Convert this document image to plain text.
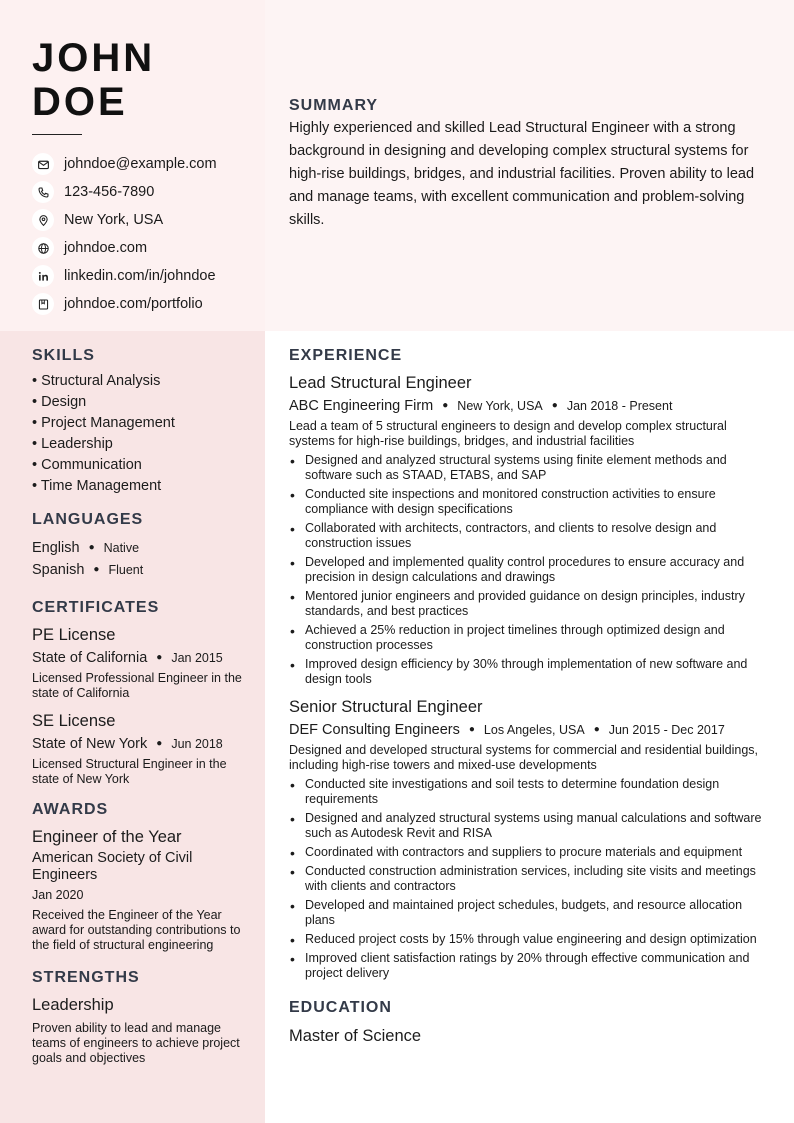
JOHN
DOE
johndoe@example.com
123-456-7890
New York, USA
johndoe.com
linkedin.com/in/johndoe
johndoe.com/portfolio
SUMMARY

Highly experienced and skilled Lead Structural Engineer with a strong background in designing and developing complex structural systems for high-rise buildings, bridges, and industrial facilities. Proven ability to lead and manage teams, with excellent communication and problem-solving skills.

SKILLS
• Structural Analysis
• Design
• Project Management
• Leadership
• Communication
• Time Management
LANGUAGES
English ● Native
Spanish ● Fluent
CERTIFICATES
PE License
State of California ● Jan 2015
Licensed Professional Engineer in the state of California
SE License
State of New York ● Jun 2018
Licensed Structural Engineer in the state of New York
AWARDS
Engineer of the Year
American Society of Civil Engineers
Jan 2020
Received the Engineer of the Year award for outstanding contributions to the field of structural engineering
STRENGTHS
Leadership
Proven ability to lead and manage teams of engineers to achieve project goals and objectives
EXPERIENCE
Lead Structural Engineer
ABC Engineering Firm ● New York, USA ● Jan 2018 - Present
Lead a team of 5 structural engineers to design and develop complex structural systems for high-rise buildings, bridges, and industrial facilities
• Designed and analyzed structural systems using finite element methods and software such as STAAD, ETABS, and SAP
• Conducted site inspections and monitored construction activities to ensure compliance with design specifications
• Collaborated with architects, contractors, and clients to resolve design and construction issues
• Developed and implemented quality control procedures to ensure accuracy and precision in design calculations and drawings
• Mentored junior engineers and provided guidance on design principles, industry standards, and best practices
• Achieved a 25% reduction in project timelines through optimized design and construction processes
• Improved design efficiency by 30% through implementation of new software and design tools
Senior Structural Engineer
DEF Consulting Engineers ● Los Angeles, USA ● Jun 2015 - Dec 2017
Designed and developed structural systems for commercial and residential buildings, including high-rise towers and mixed-use developments
• Conducted site investigations and soil tests to determine foundation design requirements
• Designed and analyzed structural systems using manual calculations and software such as Autodesk Revit and RISA
• Coordinated with contractors and suppliers to procure materials and equipment
• Conducted construction administration services, including site visits and meetings with clients and contractors
• Developed and maintained project schedules, budgets, and resource allocation plans
• Reduced project costs by 15% through value engineering and design optimization
• Improved client satisfaction ratings by 20% through effective communication and project delivery
EDUCATION
Master of Science
